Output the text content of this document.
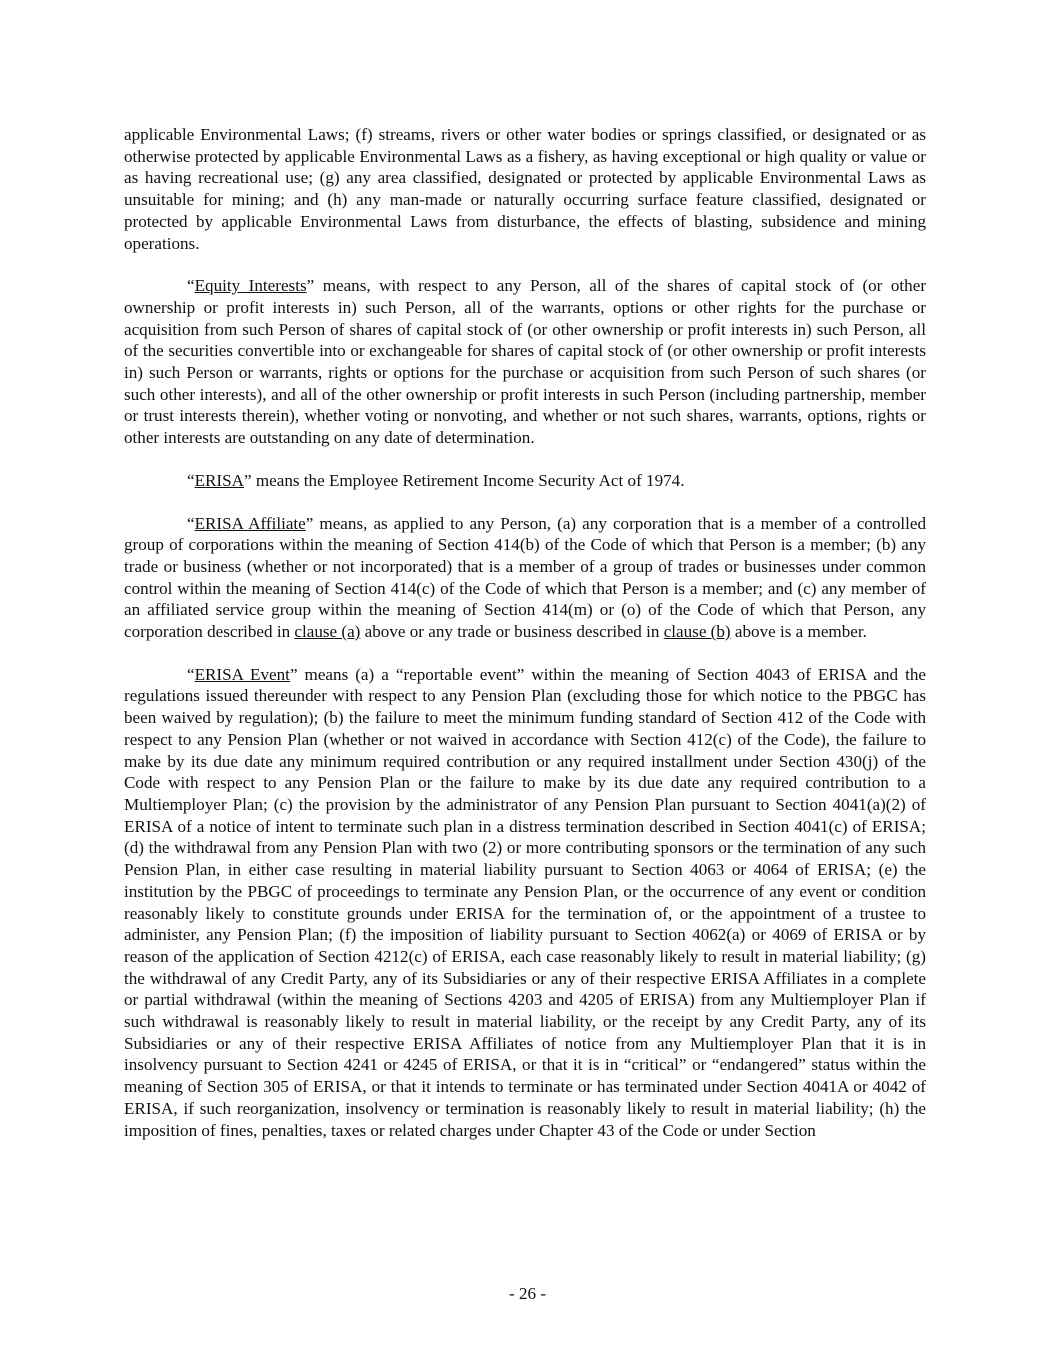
applicable Environmental Laws; (f) streams, rivers or other water bodies or springs classified, or designated or as otherwise protected by applicable Environmental Laws as a fishery, as having exceptional or high quality or value or as having recreational use; (g) any area classified, designated or protected by applicable Environmental Laws as unsuitable for mining; and (h) any man-made or naturally occurring surface feature classified, designated or protected by applicable Environmental Laws from disturbance, the effects of blasting, subsidence and mining operations.

“Equity Interests” means, with respect to any Person, all of the shares of capital stock of (or other ownership or profit interests in) such Person, all of the warrants, options or other rights for the purchase or acquisition from such Person of shares of capital stock of (or other ownership or profit interests in) such Person, all of the securities convertible into or exchangeable for shares of capital stock of (or other ownership or profit interests in) such Person or warrants, rights or options for the purchase or acquisition from such Person of such shares (or such other interests), and all of the other ownership or profit interests in such Person (including partnership, member or trust interests therein), whether voting or nonvoting, and whether or not such shares, warrants, options, rights or other interests are outstanding on any date of determination.

“ERISA” means the Employee Retirement Income Security Act of 1974.

“ERISA Affiliate” means, as applied to any Person, (a) any corporation that is a member of a controlled group of corporations within the meaning of Section 414(b) of the Code of which that Person is a member; (b) any trade or business (whether or not incorporated) that is a member of a group of trades or businesses under common control within the meaning of Section 414(c) of the Code of which that Person is a member; and (c) any member of an affiliated service group within the meaning of Section 414(m) or (o) of the Code of which that Person, any corporation described in clause (a) above or any trade or business described in clause (b) above is a member.

“ERISA Event” means (a) a “reportable event” within the meaning of Section 4043 of ERISA and the regulations issued thereunder with respect to any Pension Plan (excluding those for which notice to the PBGC has been waived by regulation); (b) the failure to meet the minimum funding standard of Section 412 of the Code with respect to any Pension Plan (whether or not waived in accordance with Section 412(c) of the Code), the failure to make by its due date any minimum required contribution or any required installment under Section 430(j) of the Code with respect to any Pension Plan or the failure to make by its due date any required contribution to a Multiemployer Plan; (c) the provision by the administrator of any Pension Plan pursuant to Section 4041(a)(2) of ERISA of a notice of intent to terminate such plan in a distress termination described in Section 4041(c) of ERISA; (d) the withdrawal from any Pension Plan with two (2) or more contributing sponsors or the termination of any such Pension Plan, in either case resulting in material liability pursuant to Section 4063 or 4064 of ERISA; (e) the institution by the PBGC of proceedings to terminate any Pension Plan, or the occurrence of any event or condition reasonably likely to constitute grounds under ERISA for the termination of, or the appointment of a trustee to administer, any Pension Plan; (f) the imposition of liability pursuant to Section 4062(a) or 4069 of ERISA or by reason of the application of Section 4212(c) of ERISA, each case reasonably likely to result in material liability; (g) the withdrawal of any Credit Party, any of its Subsidiaries or any of their respective ERISA Affiliates in a complete or partial withdrawal (within the meaning of Sections 4203 and 4205 of ERISA) from any Multiemployer Plan if such withdrawal is reasonably likely to result in material liability, or the receipt by any Credit Party, any of its Subsidiaries or any of their respective ERISA Affiliates of notice from any Multiemployer Plan that it is in insolvency pursuant to Section 4241 or 4245 of ERISA, or that it is in “critical” or “endangered” status within the meaning of Section 305 of ERISA, or that it intends to terminate or has terminated under Section 4041A or 4042 of ERISA, if such reorganization, insolvency or termination is reasonably likely to result in material liability; (h) the imposition of fines, penalties, taxes or related charges under Chapter 43 of the Code or under Section

- 26 -
